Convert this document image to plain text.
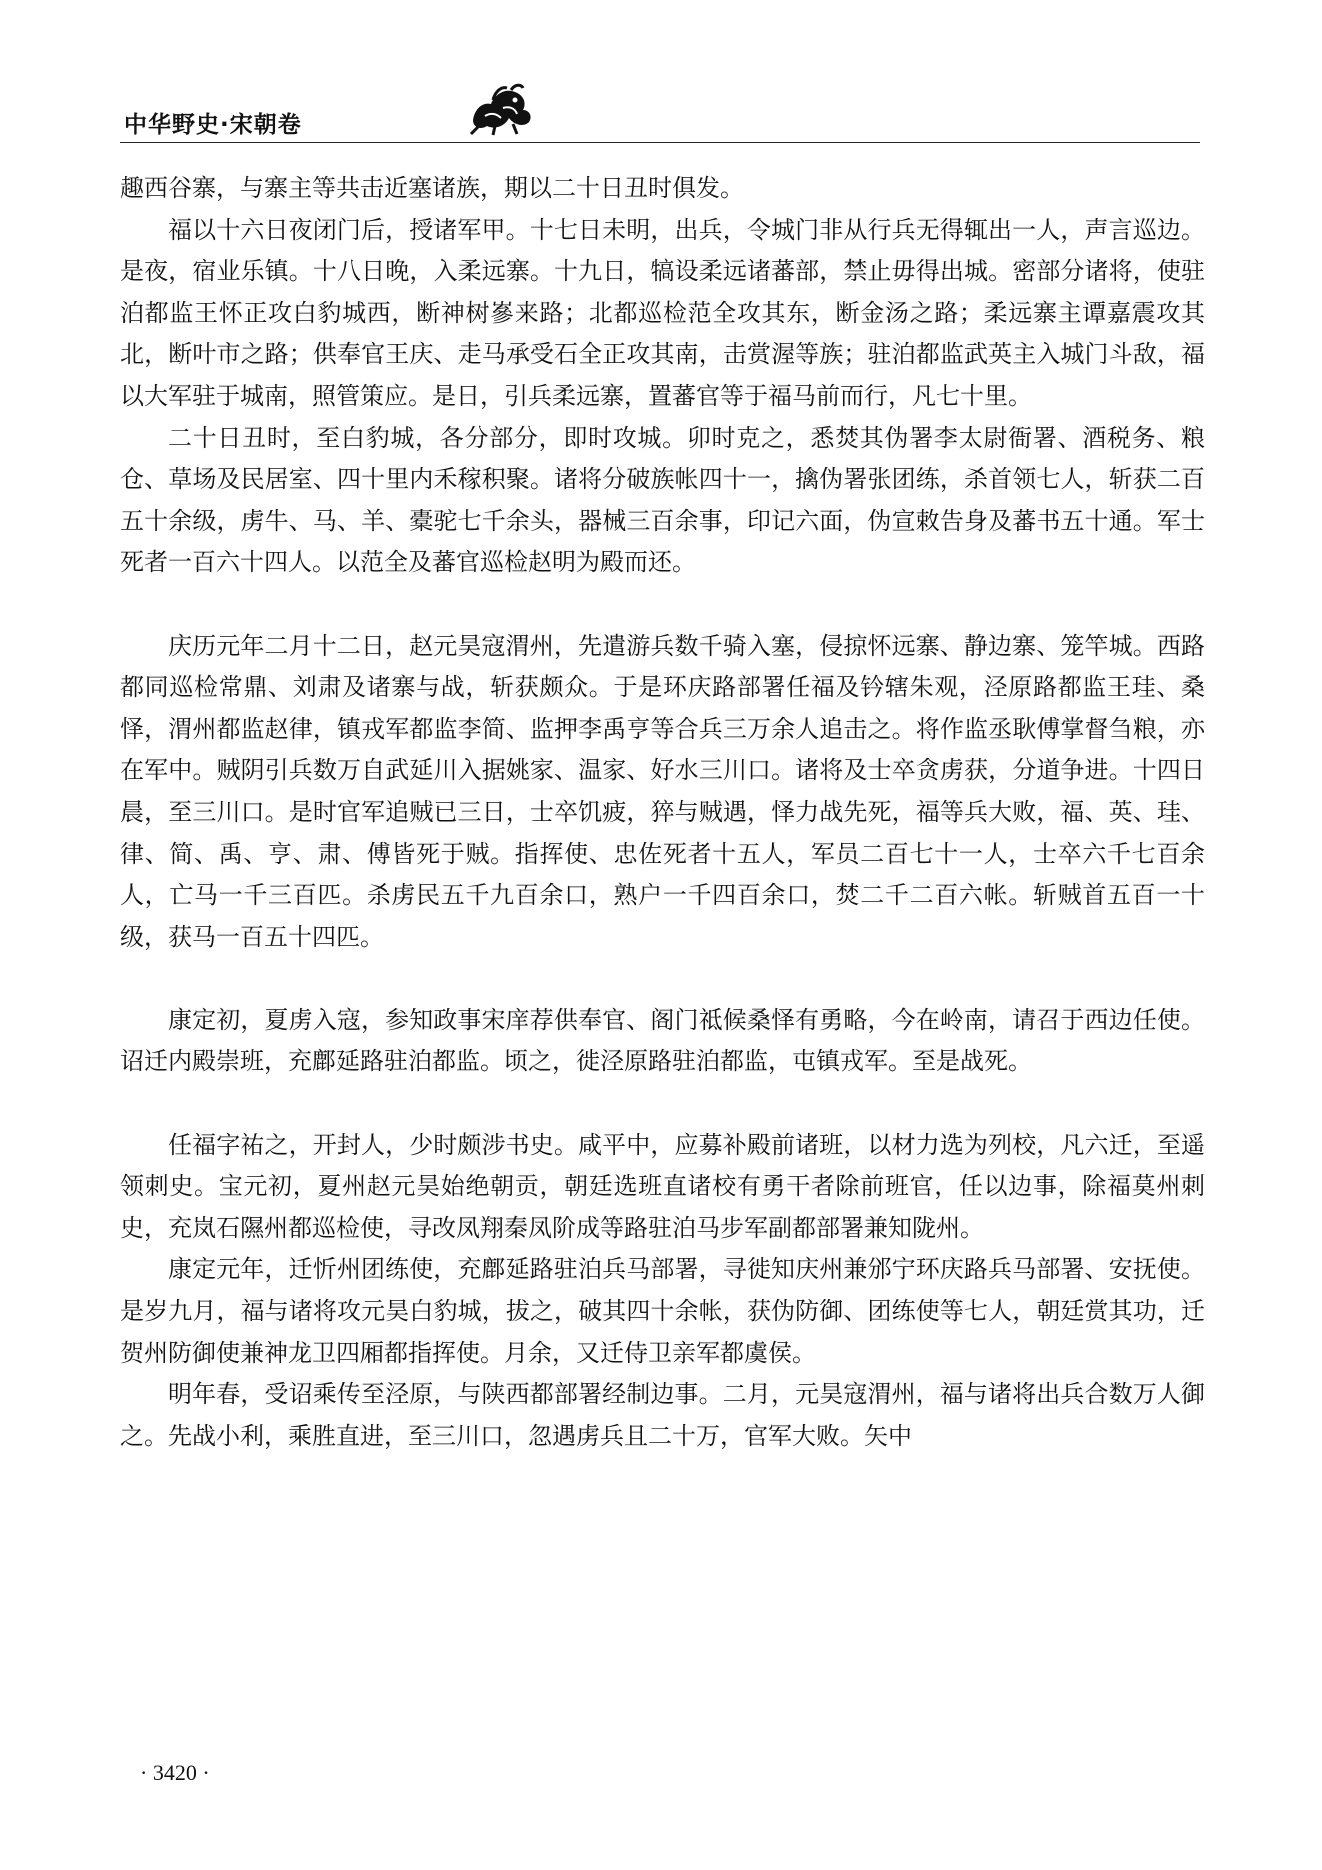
中华野史·宋朝卷

趣西谷寨，与寨主等共击近塞诸族，期以二十日丑时俱发。

福以十六日夜闭门后，授诸军甲。十七日未明，出兵，令城门非从行兵无得辄出一人，声言巡边。是夜，宿业乐镇。十八日晚，入柔远寨。十九日，犒设柔远诸蕃部，禁止毋得出城。密部分诸将，使驻泊都监王怀正攻白豹城西，断神树嵾来路；北都巡检范全攻其东，断金汤之路；柔远寨主谭嘉震攻其北，断叶市之路；供奉官王庆、走马承受石全正攻其南，击赏渥等族；驻泊都监武英主入城门斗敌，福以大军驻于城南，照管策应。是日，引兵柔远寨，置蕃官等于福马前而行，凡七十里。

二十日丑时，至白豹城，各分部分，即时攻城。卯时克之，悉焚其伪署李太尉衙署、酒税务、粮仓、草场及民居室、四十里内禾稼积聚。诸将分破族帐四十一，擒伪署张团练，杀首领七人，斩获二百五十余级，虏牛、马、羊、橐驼七千余头，器械三百余事，印记六面，伪宣敕告身及蕃书五十通。军士死者一百六十四人。以范全及蕃官巡检赵明为殿而还。

庆历元年二月十二日，赵元昊寇渭州，先遣游兵数千骑入塞，侵掠怀远寨、静边寨、笼竿城。西路都同巡检常鼎、刘肃及诸寨与战，斩获颇众。于是环庆路部署任福及钤辖朱观，泾原路都监王珪、桑怿，渭州都监赵律，镇戎军都监李简、监押李禹亨等合兵三万余人追击之。将作监丞耿傅掌督刍粮，亦在军中。贼阴引兵数万自武延川入据姚家、温家、好水三川口。诸将及士卒贪虏获，分道争进。十四日晨，至三川口。是时官军追贼已三日，士卒饥疲，猝与贼遇，怿力战先死，福等兵大败，福、英、珪、律、简、禹、亨、肃、傅皆死于贼。指挥使、忠佐死者十五人，军员二百七十一人，士卒六千七百余人，亡马一千三百匹。杀虏民五千九百余口，熟户一千四百余口，焚二千二百六帐。斩贼首五百一十级，获马一百五十四匹。

康定初，夏虏入寇，参知政事宋庠荐供奉官、阁门祗候桑怿有勇略，今在岭南，请召于西边任使。诏迁内殿崇班，充鄜延路驻泊都监。顷之，徙泾原路驻泊都监，屯镇戎军。至是战死。

任福字祐之，开封人，少时颇涉书史。咸平中，应募补殿前诸班，以材力选为列校，凡六迁，至遥领刺史。宝元初，夏州赵元昊始绝朝贡，朝廷选班直诸校有勇干者除前班官，任以边事，除福莫州刺史，充岚石隰州都巡检使，寻改凤翔秦凤阶成等路驻泊马步军副都部署兼知陇州。

康定元年，迁忻州团练使，充鄜延路驻泊兵马部署，寻徙知庆州兼邠宁环庆路兵马部署、安抚使。是岁九月，福与诸将攻元昊白豹城，拔之，破其四十余帐，获伪防御、团练使等七人，朝廷赏其功，迁贺州防御使兼神龙卫四厢都指挥使。月余，又迁侍卫亲军都虞侯。

明年春，受诏乘传至泾原，与陕西都部署经制边事。二月，元昊寇渭州，福与诸将出兵合数万人御之。先战小利，乘胜直进，至三川口，忽遇虏兵且二十万，官军大败。矢中

· 3420 ·
